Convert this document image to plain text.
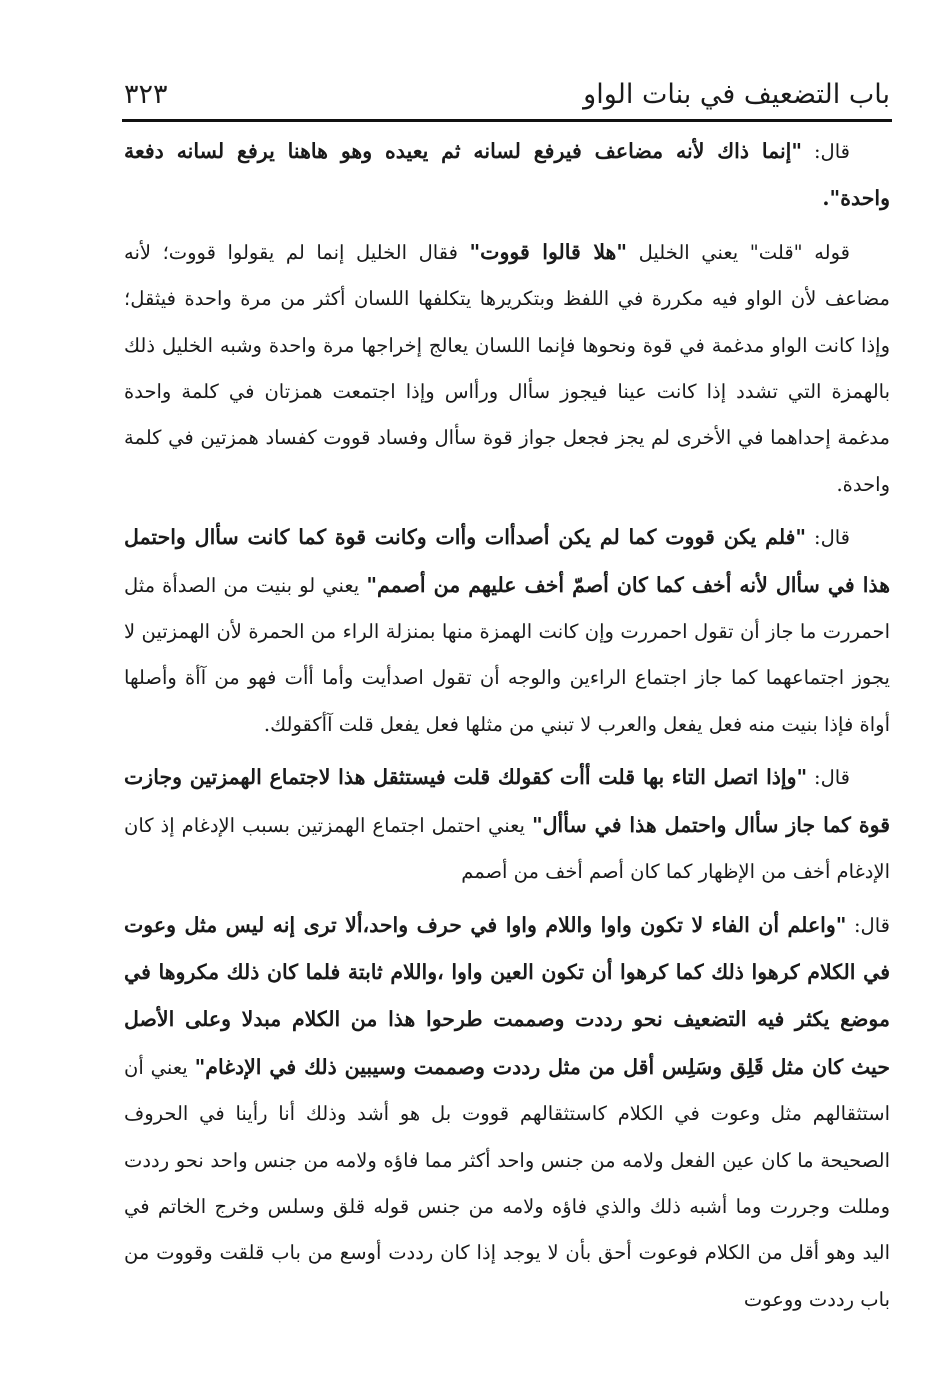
باب التضعيف في بنات الواو
٣٢٣

قال: "إنما ذاك لأنه مضاعف فيرفع لسانه ثم يعيده وهو هاهنا يرفع لسانه دفعة واحدة".

قوله "قلت" يعني الخليل "هلا قالوا قووت" فقال الخليل إنما لم يقولوا قووت؛ لأنه مضاعف لأن الواو فيه مكررة في اللفظ وبتكريرها يتكلفها اللسان أكثر من مرة واحدة فيثقل؛ وإذا كانت الواو مدغمة في قوة ونحوها فإنما اللسان يعالج إخراجها مرة واحدة وشبه الخليل ذلك بالهمزة التي تشدد إذا كانت عينا فيجوز سأال ورأاس وإذا اجتمعت همزتان في كلمة واحدة مدغمة إحداهما في الأخرى لم يجز فجعل جواز قوة سأال وفساد قووت كفساد همزتين في كلمة واحدة.

قال: "فلم يكن قووت كما لم يكن أصدأات وأات وكانت قوة كما كانت سأال واحتمل هذا في سأال لأنه أخف كما كان أصمّ أخف عليهم من أصمم" يعني لو بنيت من الصدأة مثل احمررت ما جاز أن تقول احمررت وإن كانت الهمزة منها بمنزلة الراء من الحمرة لأن الهمزتين لا يجوز اجتماعهما كما جاز اجتماع الراءين والوجه أن تقول اصدأيت وأما أأت فهو من آأة وأصلها أواة فإذا بنيت منه فعل يفعل والعرب لا تبني من مثلها فعل يفعل قلت آأكقولك.

قال: "وإذا اتصل التاء بها قلت أأت كقولك قلت فيستثقل هذا لاجتماع الهمزتين وجازت قوة كما جاز سأال واحتمل هذا في سأأل" يعني احتمل اجتماع الهمزتين بسبب الإدغام إذ كان الإدغام أخف من الإظهار كما كان أصم أخف من أصمم

قال: "واعلم أن الفاء لا تكون واوا واللام واوا في حرف واحد،ألا ترى إنه ليس مثل وعوت في الكلام كرهوا ذلك كما كرهوا أن تكون العين واوا ،واللام ثابتة فلما كان ذلك مكروها في موضع يكثر فيه التضعيف نحو رددت وصممت طرحوا هذا من الكلام مبدلا وعلى الأصل حيث كان مثل قَلِق وسَلِس أقل من مثل رددت وصممت وسيبين ذلك في الإدغام" يعني أن استثقالهم مثل وعوت في الكلام كاستثقالهم قووت بل هو أشد وذلك أنا رأينا في الحروف الصحيحة ما كان عين الفعل ولامه من جنس واحد أكثر مما فاؤه ولامه من جنس واحد نحو رددت ومللت وجررت وما أشبه ذلك والذي فاؤه ولامه من جنس قوله قلق وسلس وخرج الخاتم في اليد وهو أقل من الكلام فوعوت أحق بأن لا يوجد إذا كان رددت أوسع من باب قلقت وقووت من باب رددت ووعوت
